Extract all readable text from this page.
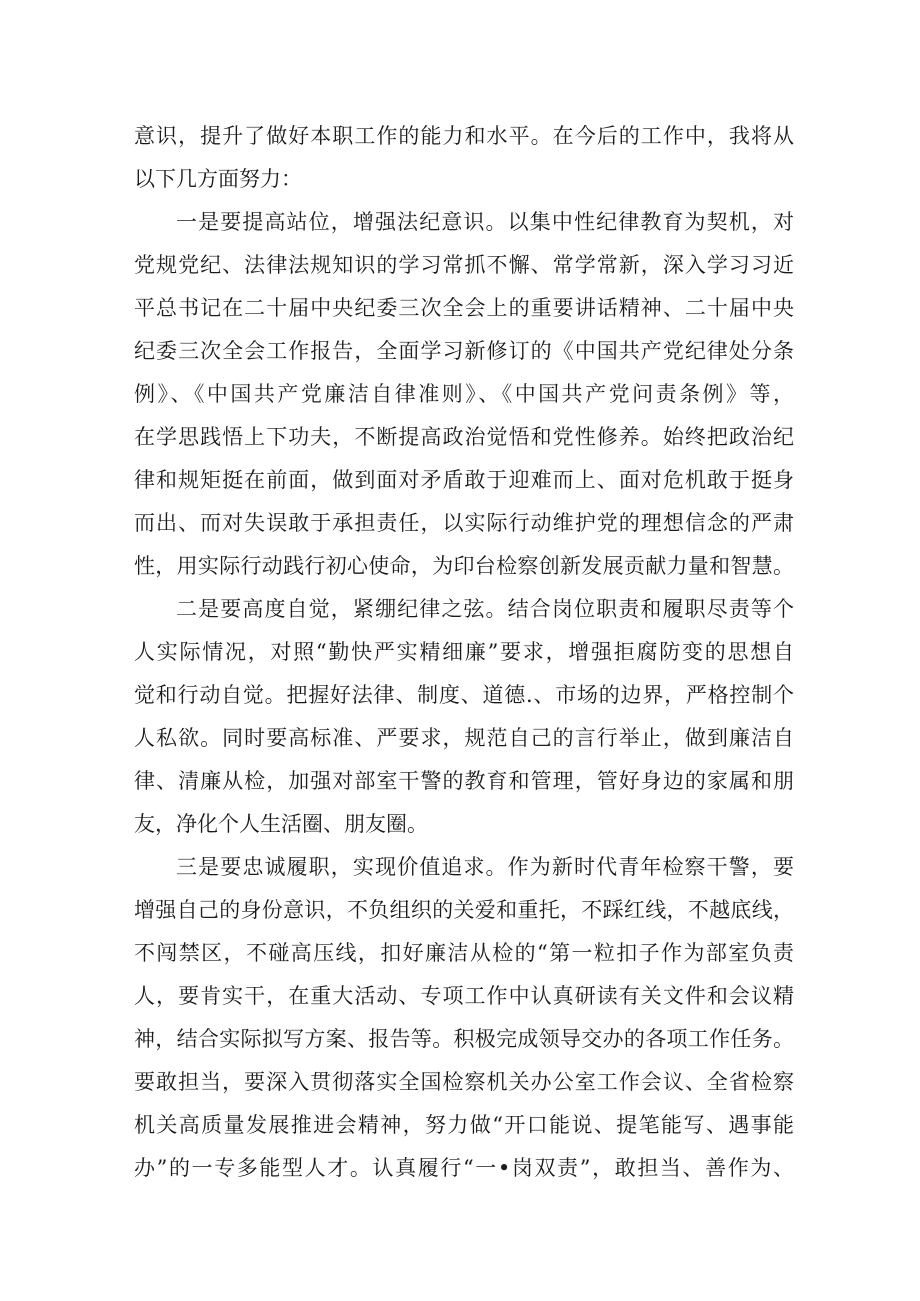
意识，提升了做好本职工作的能力和水平。在今后的工作中，我将从
以下几方面努力：
一是要提高站位，增强法纪意识。以集中性纪律教育为契机，对
党规党纪、法律法规知识的学习常抓不懈、常学常新，深入学习习近
平总书记在二十届中央纪委三次全会上的重要讲话精神、二十届中央
纪委三次全会工作报告，全面学习新修订的《中国共产党纪律处分条
例》、《中国共产党廉洁自律准则》、《中国共产党问责条例》等，
在学思践悟上下功夫，不断提高政治觉悟和党性修养。始终把政治纪
律和规矩挺在前面，做到面对矛盾敢于迎难而上、面对危机敢于挺身
而出、而对失误敢于承担责任，以实际行动维护党的理想信念的严肃
性，用实际行动践行初心使命，为印台检察创新发展贡献力量和智慧。
二是要高度自觉，紧绷纪律之弦。结合岗位职责和履职尽责等个
人实际情况，对照“勤快严实精细廉”要求，增强拒腐防变的思想自
觉和行动自觉。把握好法律、制度、道德.、市场的边界，严格控制个
人私欲。同时要高标准、严要求，规范自己的言行举止，做到廉洁自
律、清廉从检，加强对部室干警的教育和管理，管好身边的家属和朋
友，净化个人生活圈、朋友圈。
三是要忠诚履职，实现价值追求。作为新时代青年检察干警，要
增强自己的身份意识，不负组织的关爱和重托，不踩红线，不越底线，
不闯禁区，不碰高压线，扣好廉洁从检的“第一粒扣子作为部室负责
人，要肯实干，在重大活动、专项工作中认真研读有关文件和会议精
神，结合实际拟写方案、报告等。积极完成领导交办的各项工作任务。
要敢担当，要深入贯彻落实全国检察机关办公室工作会议、全省检察
机关高质量发展推进会精神，努力做“开口能说、提笔能写、遇事能
办”的一专多能型人才。认真履行“一•岗双责”，敢担当、善作为、
